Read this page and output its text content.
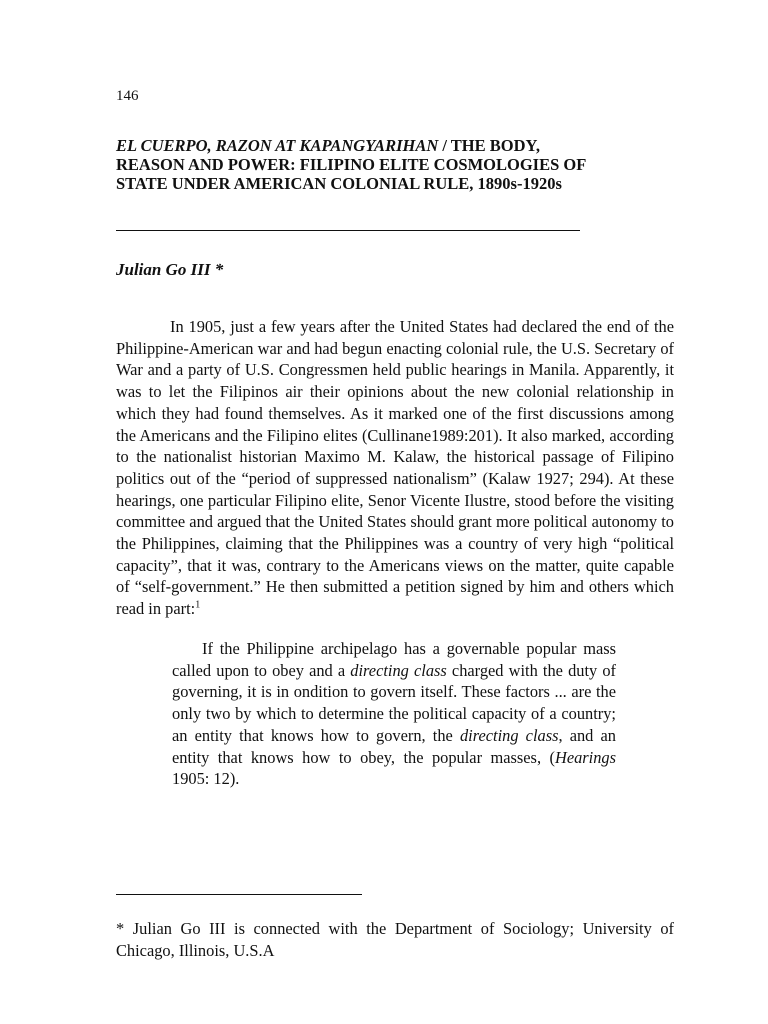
146
EL CUERPO, RAZON AT KAPANGYARIHAN / THE BODY, REASON AND POWER: FILIPINO ELITE COSMOLOGIES OF STATE UNDER AMERICAN COLONIAL RULE, 1890s-1920s
Julian Go III *

In 1905, just a few years after the United States had declared the end of the Philippine-American war and had begun enacting colonial rule, the U.S. Secretary of War and a party of U.S. Congressmen held public hearings in Manila. Apparently, it was to let the Filipinos air their opinions about the new colonial relationship in which they had found themselves. As it marked one of the first discussions among the Americans and the Filipino elites (Cullinane1989:201). It also marked, according to the nationalist historian Maximo M. Kalaw, the historical passage of Filipino politics out of the “period of suppressed nationalism” (Kalaw 1927; 294). At these hearings, one particular Filipino elite, Senor Vicente Ilustre, stood before the visiting committee and argued that the United States should grant more political autonomy to the Philippines, claiming that the Philippines was a country of very high “political capacity”, that it was, contrary to the Americans views on the matter, quite capable of “self-government.” He then submitted a petition signed by him and others which read in part:$^1$

If the Philippine archipelago has a governable popular mass called upon to obey and a directing class charged with the duty of governing, it is in ondition to govern itself. These factors ... are the only two by which to determine the political capacity of a country; an entity that knows how to govern, the directing class, and an entity that knows how to obey, the popular masses, (Hearings 1905: 12).

* Julian Go III is connected with the Department of Sociology; University of Chicago, Illinois, U.S.A
